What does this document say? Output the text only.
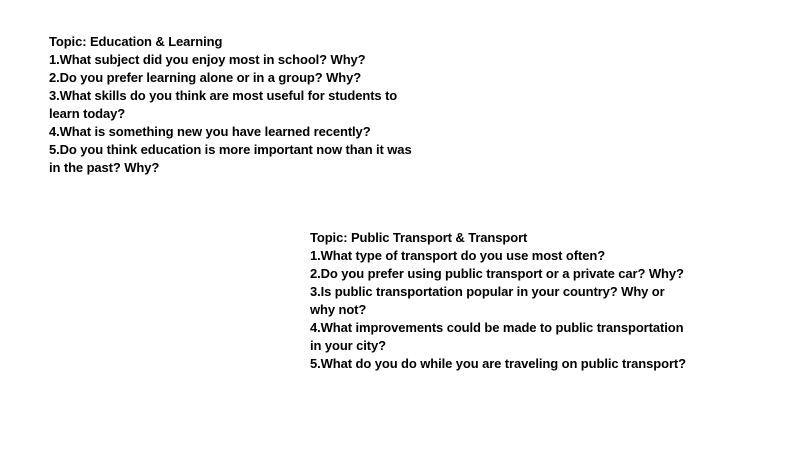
Topic: Education & Learning
1.What subject did you enjoy most in school? Why?
2.Do you prefer learning alone or in a group? Why?
3.What skills do you think are most useful for students to
learn today?
4.What is something new you have learned recently?
5.Do you think education is more important now than it was
in the past? Why?
Topic: Public Transport & Transport
1.What type of transport do you use most often?
2.Do you prefer using public transport or a private car? Why?
3.Is public transportation popular in your country? Why or
why not?
4.What improvements could be made to public transportation
in your city?
5.What do you do while you are traveling on public transport?
